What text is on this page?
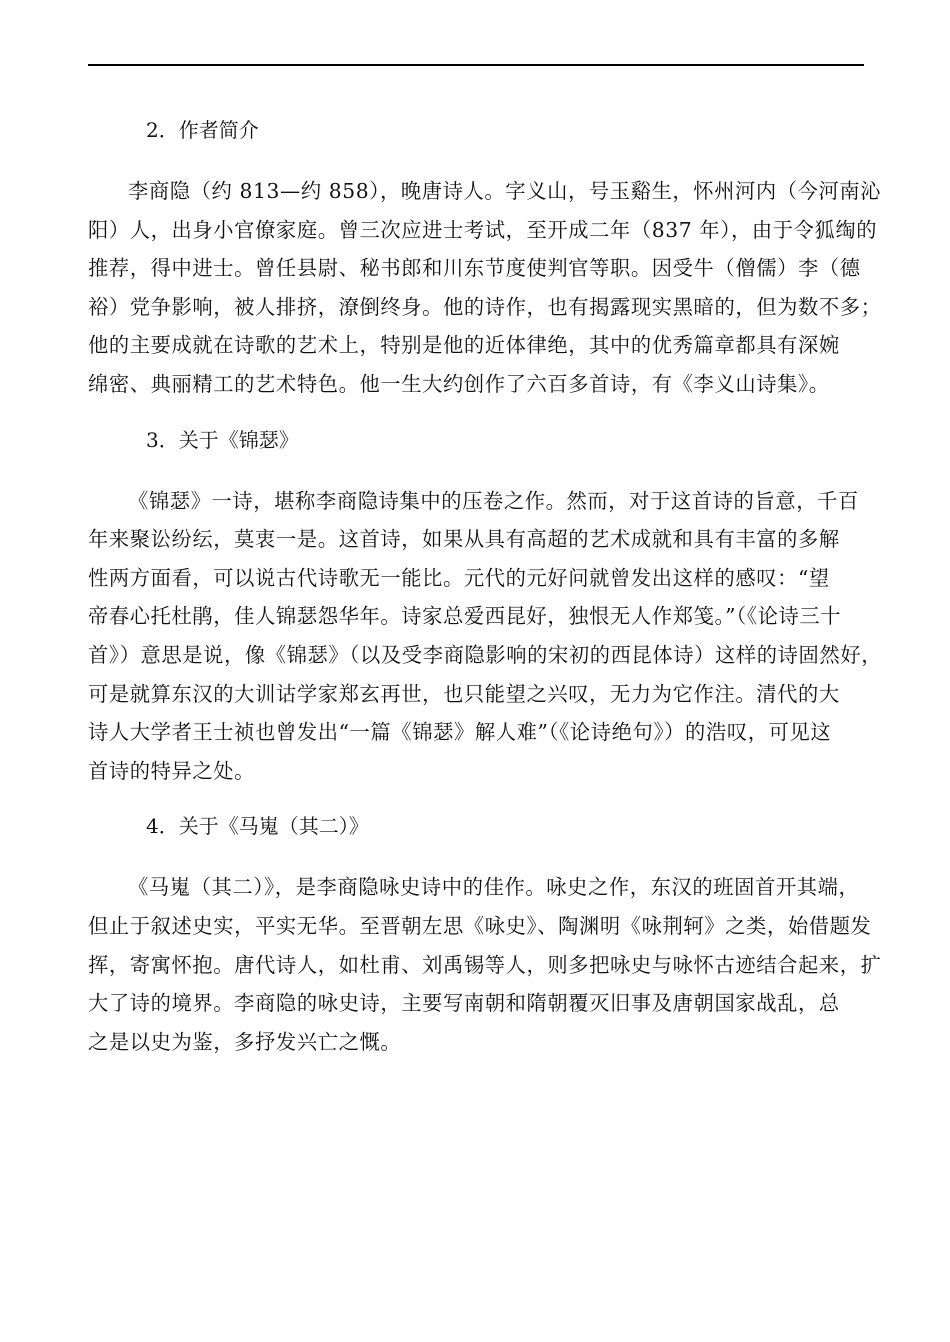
2．作者简介
李商隐（约 813—约 858），晚唐诗人。字义山，号玉谿生，怀州河内（今河南沁
阳）人，出身小官僚家庭。曾三次应进士考试，至开成二年（837 年），由于令狐绹的
推荐，得中进士。曾任县尉、秘书郎和川东节度使判官等职。因受牛（僧儒）李（德
裕）党争影响，被人排挤，潦倒终身。他的诗作，也有揭露现实黑暗的，但为数不多；
他的主要成就在诗歌的艺术上，特别是他的近体律绝，其中的优秀篇章都具有深婉
绵密、典丽精工的艺术特色。他一生大约创作了六百多首诗，有《李义山诗集》。
3．关于《锦瑟》
《锦瑟》一诗，堪称李商隐诗集中的压卷之作。然而，对于这首诗的旨意，千百
年来聚讼纷纭，莫衷一是。这首诗，如果从具有高超的艺术成就和具有丰富的多解
性两方面看，可以说古代诗歌无一能比。元代的元好问就曾发出这样的感叹：“望
帝春心托杜鹃，佳人锦瑟怨华年。诗家总爱西昆好，独恨无人作郑笺。”（《论诗三十
首》）意思是说，像《锦瑟》（以及受李商隐影响的宋初的西昆体诗）这样的诗固然好，
可是就算东汉的大训诂学家郑玄再世，也只能望之兴叹，无力为它作注。清代的大
诗人大学者王士祯也曾发出“一篇《锦瑟》解人难”（《论诗绝句》）的浩叹，可见这
首诗的特异之处。
4．关于《马嵬（其二）》
《马嵬（其二）》，是李商隐咏史诗中的佳作。咏史之作，东汉的班固首开其端，
但止于叙述史实，平实无华。至晋朝左思《咏史》、陶渊明《咏荆轲》之类，始借题发
挥，寄寓怀抱。唐代诗人，如杜甫、刘禹锡等人，则多把咏史与咏怀古迹结合起来，扩
大了诗的境界。李商隐的咏史诗，主要写南朝和隋朝覆灭旧事及唐朝国家战乱，总
之是以史为鉴，多抒发兴亡之慨。
